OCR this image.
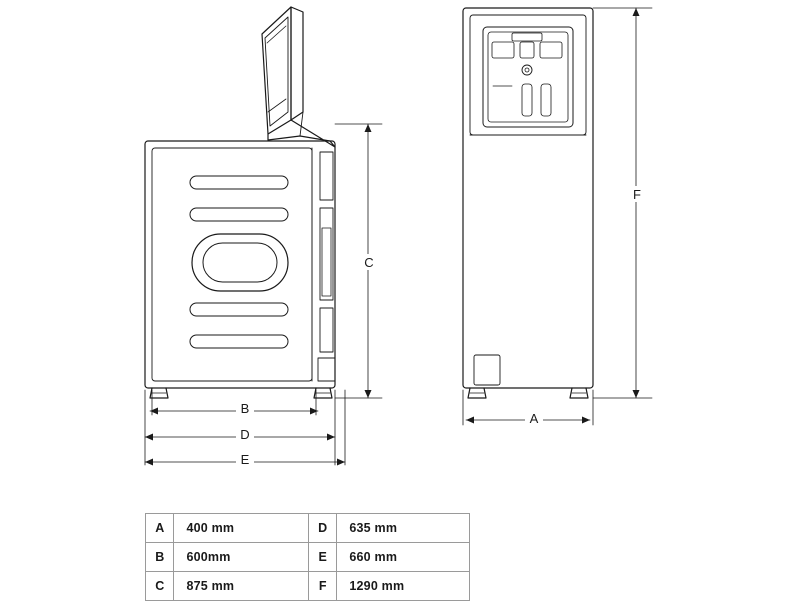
B
D
E
C
A
F
A	400 mm	D	635 mm
B	600mm	E	660 mm
C	875 mm	F	1290 mm
